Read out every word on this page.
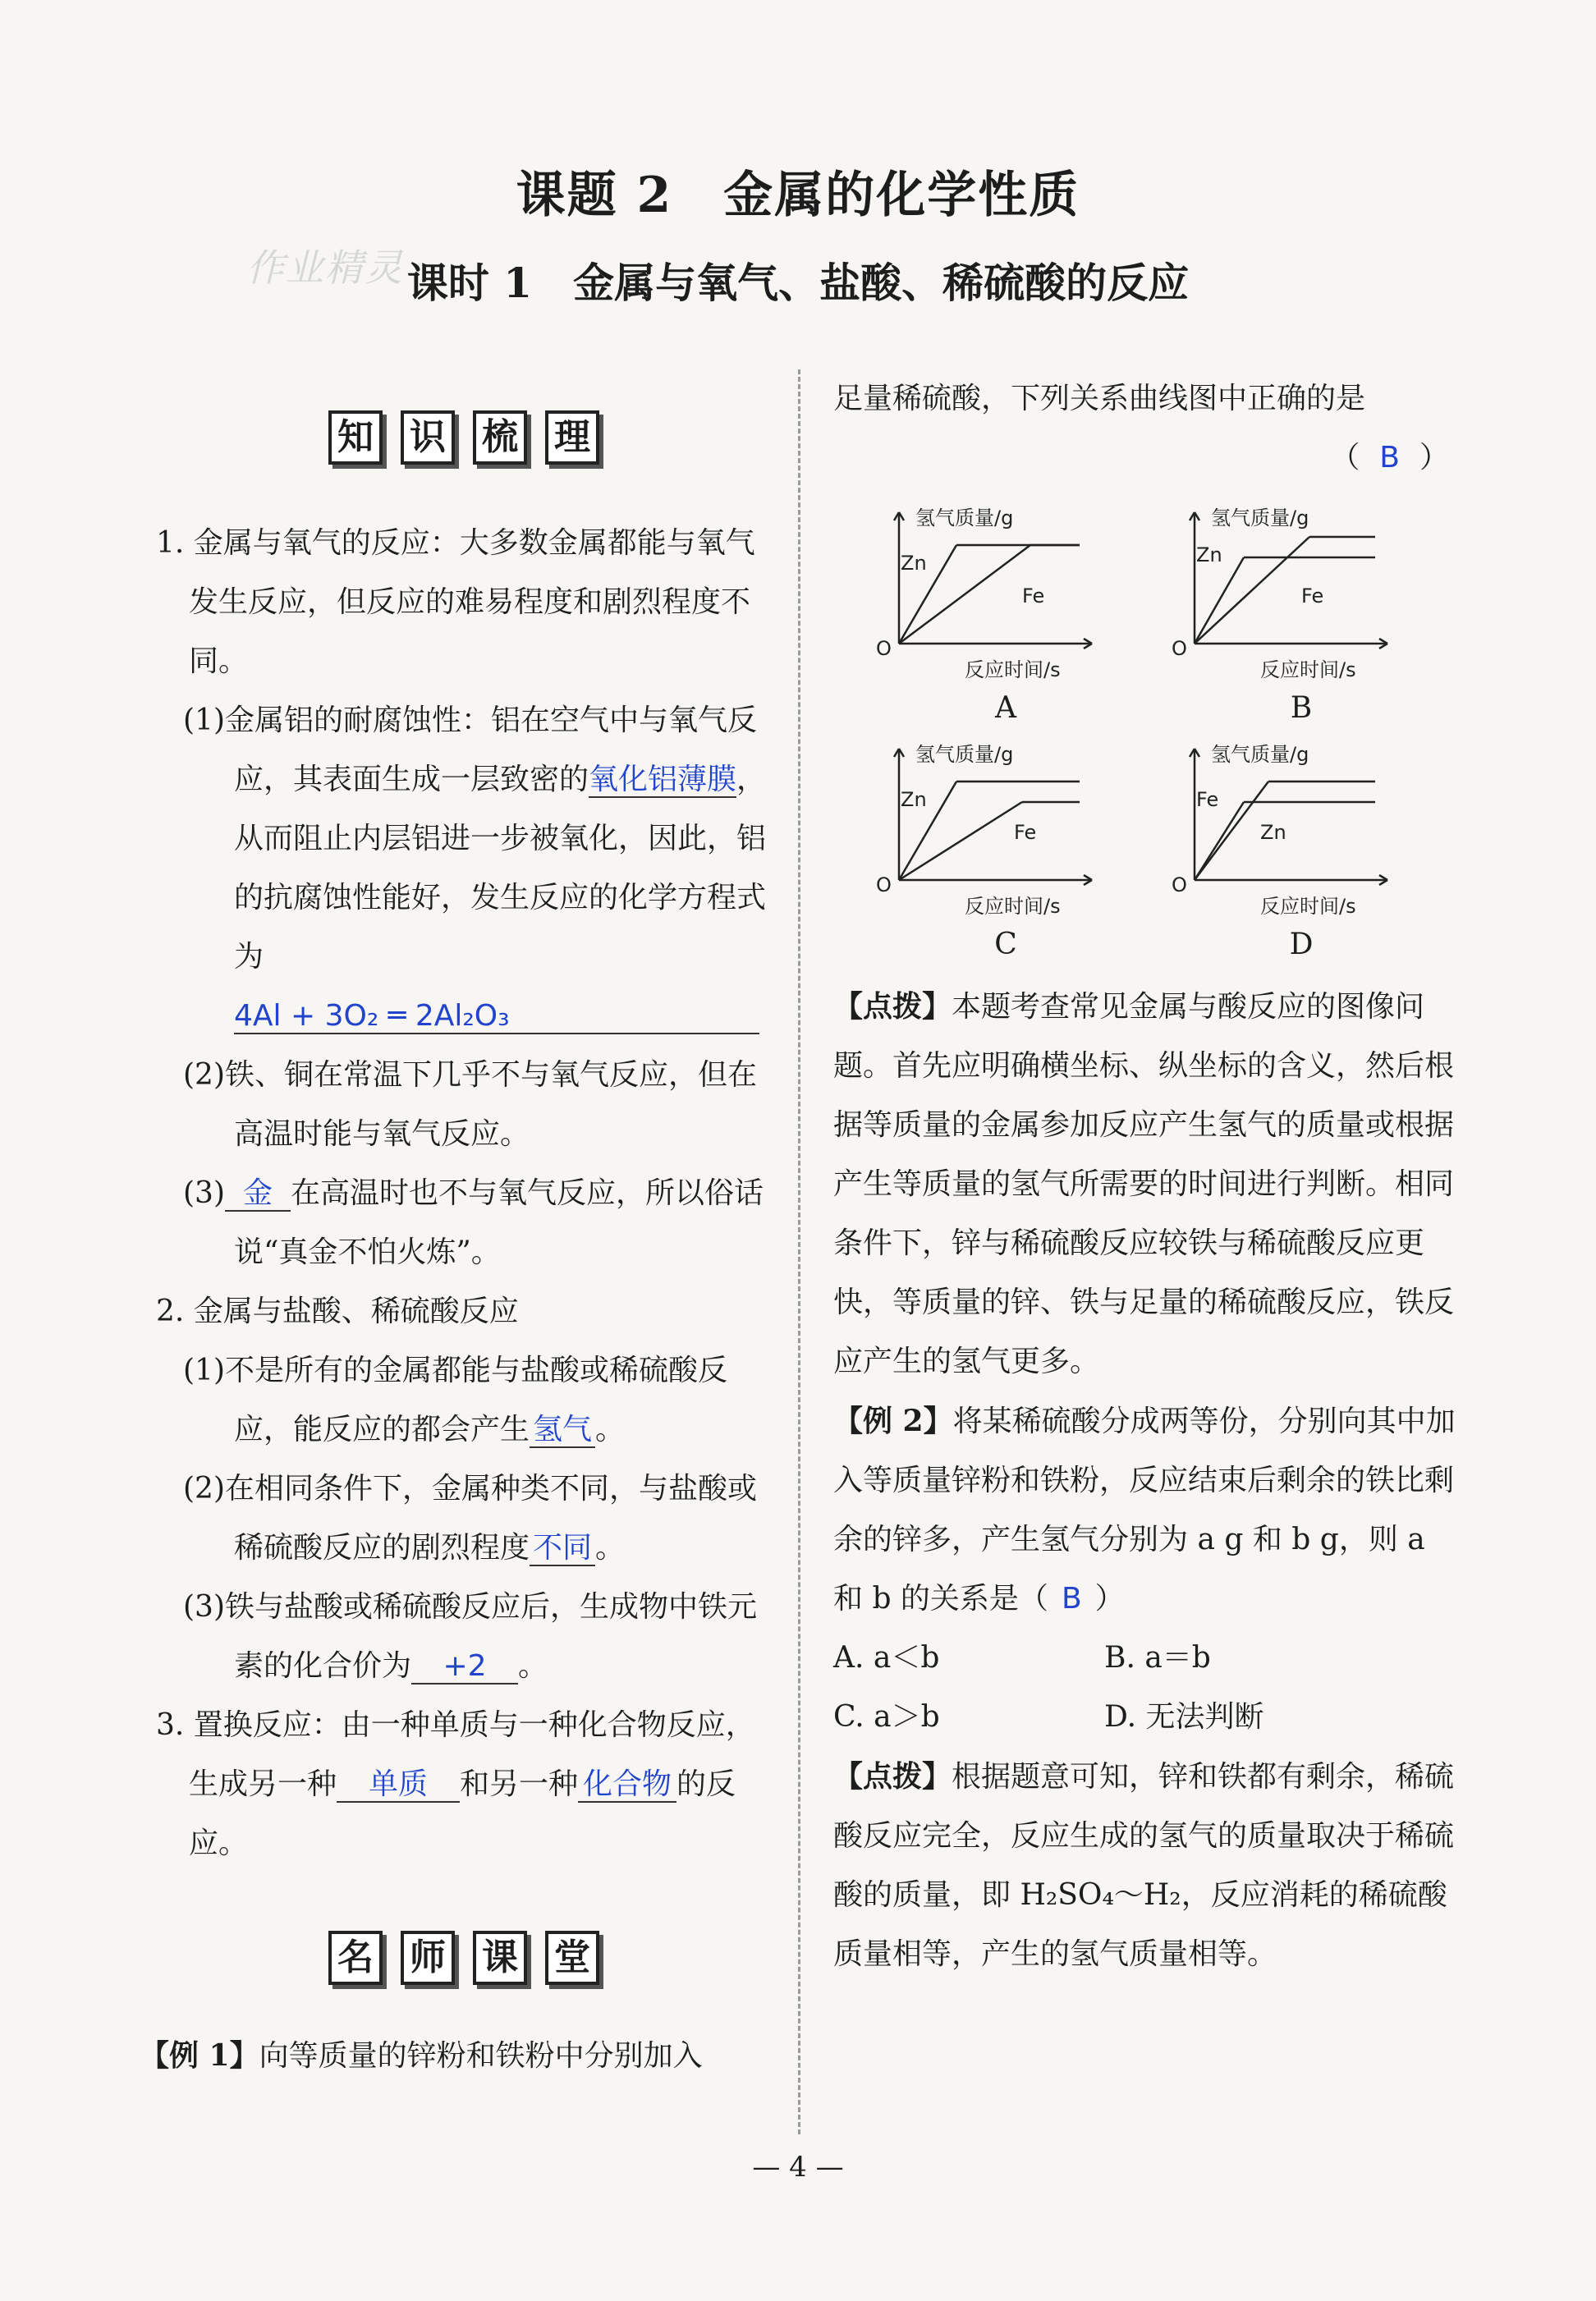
课题 2　金属的化学性质
课时 1　金属与氧气、盐酸、稀硫酸的反应
作业精灵
知 识 梳 理

1. 金属与氧气的反应：大多数金属都能与氧气发生反应，但反应的难易程度和剧烈程度不同。

(1)金属铝的耐腐蚀性：铝在空气中与氧气反应，其表面生成一层致密的氧化铝薄膜，从而阻止内层铝进一步被氧化，因此，铝的抗腐蚀性能好，发生反应的化学方程式为

4Al + 3O₂ ═ 2Al₂O₃

(2)铁、铜在常温下几乎不与氧气反应，但在高温时能与氧气反应。

(3) 金 在高温时也不与氧气反应，所以俗话说“真金不怕火炼”。

2. 金属与盐酸、稀硫酸反应

(1)不是所有的金属都能与盐酸或稀硫酸反应，能反应的都会产生 氢气 。

(2)在相同条件下，金属种类不同，与盐酸或稀硫酸反应的剧烈程度 不同 。

(3)铁与盐酸或稀硫酸反应后，生成物中铁元素的化合价为 +2 。

3. 置换反应：由一种单质与一种化合物反应，生成另一种 单质 和另一种 化合物 的反应。

名 师 课 堂

【例 1】向等质量的锌粉和铁粉中分别加入

足量稀硫酸，下列关系曲线图中正确的是

（ B ）

氢气质量/g
反应时间/s
O
Zn
Fe
A
氢气质量/g
反应时间/s
O
Zn
Fe
B
氢气质量/g
反应时间/s
O
Zn
Fe
C
氢气质量/g
反应时间/s
O
Fe
Zn
D

【点拨】本题考查常见金属与酸反应的图像问题。首先应明确横坐标、纵坐标的含义，然后根据等质量的金属参加反应产生氢气的质量或根据产生等质量的氢气所需要的时间进行判断。相同条件下，锌与稀硫酸反应较铁与稀硫酸反应更快，等质量的锌、铁与足量的稀硫酸反应，铁反应产生的氢气更多。

【例 2】将某稀硫酸分成两等份，分别向其中加入等质量锌粉和铁粉，反应结束后剩余的铁比剩余的锌多，产生氢气分别为 a g 和 b g，则 a 和 b 的关系是（ B ）

A. a＜b	B. a＝b

C. a＞b	D. 无法判断

【点拨】根据题意可知，锌和铁都有剩余，稀硫酸反应完全，反应生成的氢气的质量取决于稀硫酸的质量，即 H₂SO₄～H₂，反应消耗的稀硫酸质量相等，产生的氢气质量相等。

— 4 —
